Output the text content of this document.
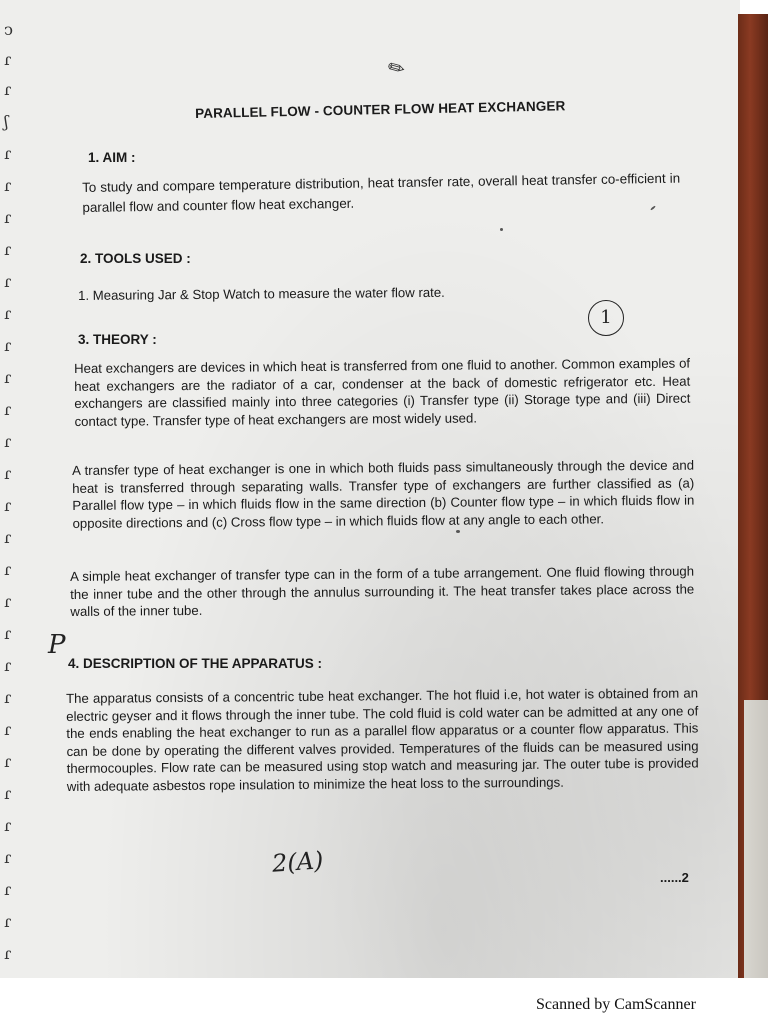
ↄ
ɾ
ɾ
ʃ
ɾ
ɾ
ɾ
ɾ
ɾ
ɾ
ɾ
ɾ
ɾ
ɾ
ɾ
ɾ
ɾ
ɾ
ɾ
ɾ
ɾ
ɾ
ɾ
ɾ
ɾ
ɾ
ɾ
ɾ
ɾ
ɾ
✎
PARALLEL FLOW - COUNTER FLOW HEAT EXCHANGER
1. AIM :
To study and compare temperature distribution, heat transfer rate, overall heat transfer co-efficient in parallel flow and counter flow heat exchanger.
2. TOOLS USED :
1. Measuring Jar & Stop Watch to measure the water flow rate.
1
3. THEORY :

Heat exchangers are devices in which heat is transferred from one fluid to another. Common examples of heat exchangers are the radiator of a car, condenser at the back of domestic refrigerator etc. Heat exchangers are classified mainly into three categories (i) Transfer type (ii) Storage type and (iii) Direct contact type. Transfer type of heat exchangers are most widely used.

A transfer type of heat exchanger is one in which both fluids pass simultaneously through the device and heat is transferred through separating walls. Transfer type of exchangers are further classified as (a) Parallel flow type – in which fluids flow in the same direction (b) Counter flow type – in which fluids flow in opposite directions and (c) Cross flow type – in which fluids flow at any angle to each other.

A simple heat exchanger of transfer type can in the form of a tube arrangement. One fluid flowing through the inner tube and the other through the annulus surrounding it. The heat transfer takes place across the walls of the inner tube.

P
4. DESCRIPTION OF THE APPARATUS :
The apparatus consists of a concentric tube heat exchanger. The hot fluid i.e, hot water is obtained from an electric geyser and it flows through the inner tube. The cold fluid is cold water can be admitted at any one of the ends enabling the heat exchanger to run as a parallel flow apparatus or a counter flow apparatus. This can be done by operating the different valves provided. Temperatures of the fluids can be measured using thermocouples. Flow rate can be measured using stop watch and measuring jar. The outer tube is provided with adequate asbestos rope insulation to minimize the heat loss to the surroundings.
2(A)	......2
Scanned by CamScanner
